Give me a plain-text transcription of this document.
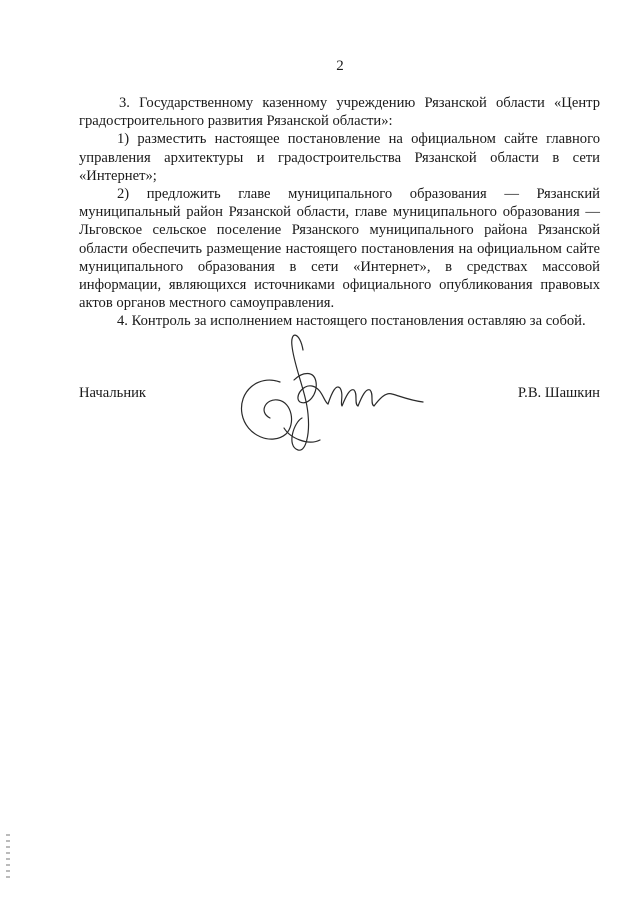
2

3. Государственному казенному учреждению Рязанской области «Центр градостроительного развития Рязанской области»:

1) разместить настоящее постановление на официальном сайте главного управления архитектуры и градостроительства Рязанской области в сети «Интернет»;

2) предложить главе муниципального образования — Рязанский муниципальный район Рязанской области, главе муниципального образования — Льговское сельское поселение Рязанского муниципального района Рязанской области обеспечить размещение настоящего постановления на официальном сайте муниципального образования в сети «Интернет», в средствах массовой информации, являющихся источниками официального опубликования правовых актов органов местного самоуправления.

4. Контроль за исполнением настоящего постановления оставляю за собой.

Начальник	Р.В. Шашкин
